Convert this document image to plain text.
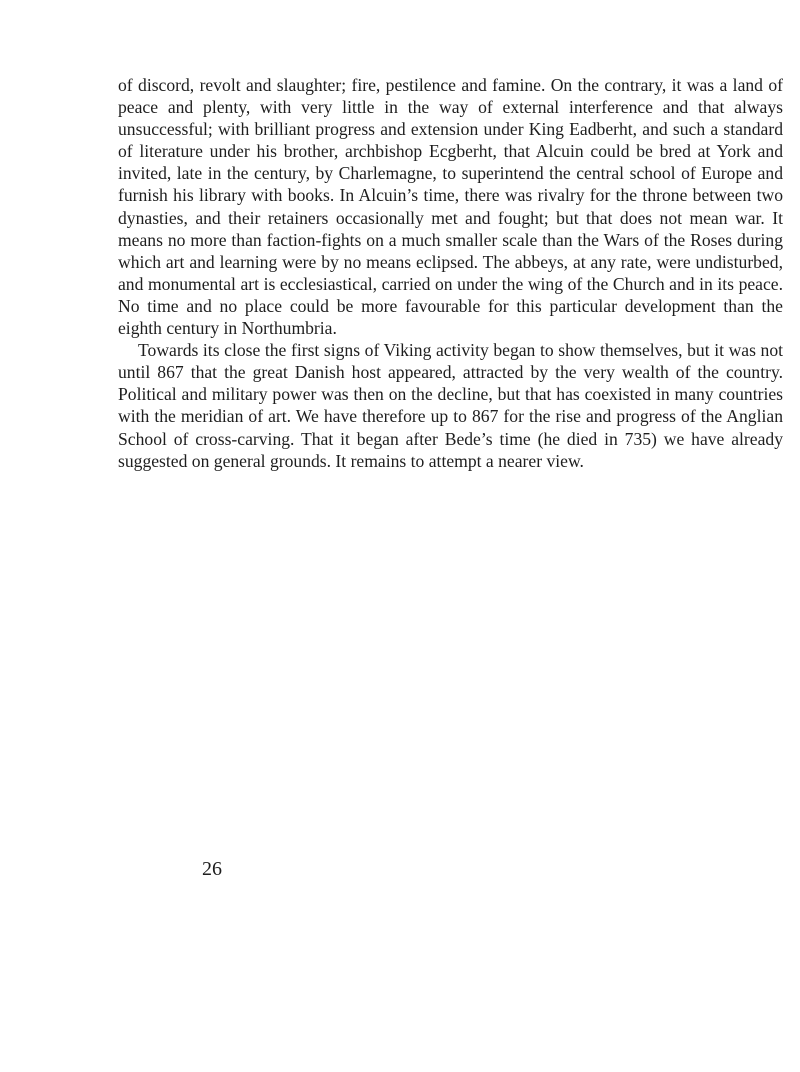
of discord, revolt and slaughter; fire, pestilence and famine. On the contrary, it was a land of peace and plenty, with very little in the way of external interference and that always unsuccessful; with brilliant progress and extension under King Eadberht, and such a standard of literature under his brother, archbishop Ecgberht, that Alcuin could be bred at York and invited, late in the century, by Charlemagne, to superintend the central school of Europe and furnish his library with books. In Alcuin’s time, there was rivalry for the throne between two dynasties, and their retainers occasionally met and fought; but that does not mean war. It means no more than faction-fights on a much smaller scale than the Wars of the Roses during which art and learning were by no means eclipsed. The abbeys, at any rate, were undisturbed, and monumental art is ecclesiastical, carried on under the wing of the Church and in its peace. No time and no place could be more favourable for this particular development than the eighth century in Northumbria.

Towards its close the first signs of Viking activity began to show themselves, but it was not until 867 that the great Danish host appeared, attracted by the very wealth of the country. Political and military power was then on the decline, but that has coexisted in many countries with the meridian of art. We have therefore up to 867 for the rise and progress of the Anglian School of cross-carving. That it began after Bede’s time (he died in 735) we have already suggested on general grounds. It remains to attempt a nearer view.

26
